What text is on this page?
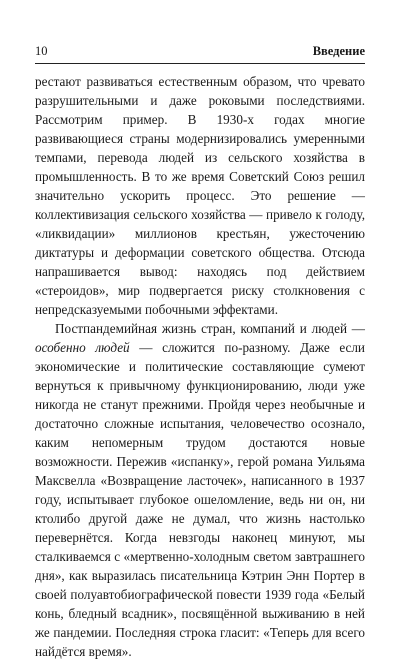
10	Введение

рестают развиваться естественным образом, что чревато разрушительными и даже роковыми последствиями. Рассмотрим пример. В 1930‑х годах многие развивающиеся страны модернизировались умеренными темпами, перевода людей из сельского хозяйства в промышленность. В то же время Советский Союз решил значительно ускорить процесс. Это решение — коллективизация сельского хозяйства — привело к голоду, «ликвидации» миллионов крестьян, ужесточению диктатуры и деформации советского общества. Отсюда напрашивается вывод: находясь под действием «стероидов», мир подвергается риску столкновения с непредсказуемыми побочными эффектами.

Постпандемийная жизнь стран, компаний и людей — особенно людей — сложится по‑разному. Даже если экономические и политические составляющие сумеют вернуться к привычному функционированию, люди уже никогда не станут прежними. Пройдя через необычные и достаточно сложные испытания, человечество осознало, каким непомерным трудом достаются новые возможности. Пережив «испанку», герой романа Уильяма Максвелла «Возвращение ласточек», написанного в 1937 году, испытывает глубокое ошеломление, ведь ни он, ни ктолибо другой даже не думал, что жизнь настолько перевернётся. Когда невзгоды наконец минуют, мы сталкиваемся с «мертвенно‑холодным светом завтрашнего дня», как выразилась писательница Кэтрин Энн Портер в своей полуавтобиографической повести 1939 года «Белый конь, бледный всадник», посвящённой выживанию в ней же пандемии. Последняя строка гласит: «Теперь для всего найдётся время».
